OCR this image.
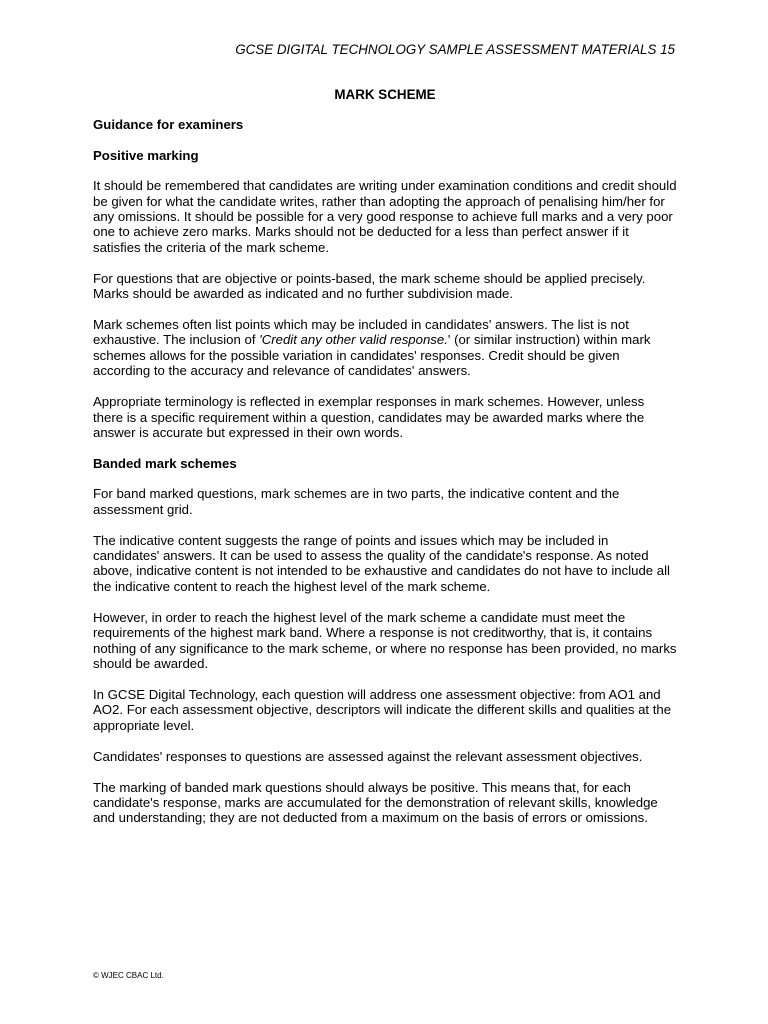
GCSE DIGITAL TECHNOLOGY SAMPLE ASSESSMENT MATERIALS 15
MARK SCHEME
Guidance for examiners
Positive marking

It should be remembered that candidates are writing under examination conditions and credit should be given for what the candidate writes, rather than adopting the approach of penalising him/her for any omissions. It should be possible for a very good response to achieve full marks and a very poor one to achieve zero marks. Marks should not be deducted for a less than perfect answer if it satisfies the criteria of the mark scheme.

For questions that are objective or points-based, the mark scheme should be applied precisely. Marks should be awarded as indicated and no further subdivision made.

Mark schemes often list points which may be included in candidates' answers. The list is not exhaustive. The inclusion of 'Credit any other valid response.' (or similar instruction) within mark schemes allows for the possible variation in candidates' responses. Credit should be given according to the accuracy and relevance of candidates' answers.

Appropriate terminology is reflected in exemplar responses in mark schemes. However, unless there is a specific requirement within a question, candidates may be awarded marks where the answer is accurate but expressed in their own words.

Banded mark schemes

For band marked questions, mark schemes are in two parts, the indicative content and the assessment grid.

The indicative content suggests the range of points and issues which may be included in candidates' answers. It can be used to assess the quality of the candidate's response. As noted above, indicative content is not intended to be exhaustive and candidates do not have to include all the indicative content to reach the highest level of the mark scheme.

However, in order to reach the highest level of the mark scheme a candidate must meet the requirements of the highest mark band. Where a response is not creditworthy, that is, it contains nothing of any significance to the mark scheme, or where no response has been provided, no marks should be awarded.

In GCSE Digital Technology, each question will address one assessment objective: from AO1 and AO2. For each assessment objective, descriptors will indicate the different skills and qualities at the appropriate level.

Candidates' responses to questions are assessed against the relevant assessment objectives.

The marking of banded mark questions should always be positive. This means that, for each candidate's response, marks are accumulated for the demonstration of relevant skills, knowledge and understanding; they are not deducted from a maximum on the basis of errors or omissions.

© WJEC CBAC Ltd.
